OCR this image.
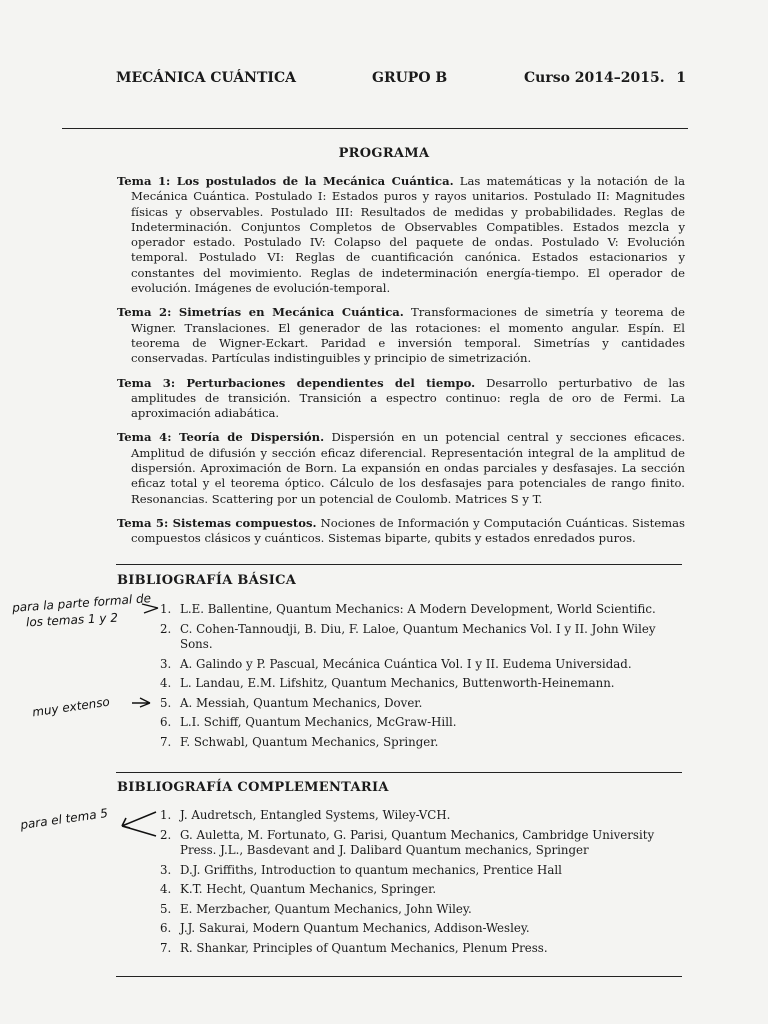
MECÁNICA CUÁNTICA	GRUPO B	Curso 2014–2015. 1
PROGRAMA

Tema 1: Los postulados de la Mecánica Cuántica. Las matemáticas y la notación de la Mecánica Cuántica. Postulado I: Estados puros y rayos unitarios. Postulado II: Magnitudes físicas y observables. Postulado III: Resultados de medidas y probabilidades. Reglas de Indeterminación. Conjuntos Completos de Observables Compatibles. Estados mezcla y operador estado. Postulado IV: Colapso del paquete de ondas. Postulado V: Evolución temporal. Postulado VI: Reglas de cuantificación canónica. Estados estacionarios y constantes del movimiento. Reglas de indeterminación energía-tiempo. El operador de evolución. Imágenes de evolución-temporal.

Tema 2: Simetrías en Mecánica Cuántica. Transformaciones de simetría y teorema de Wigner. Translaciones. El generador de las rotaciones: el momento angular. Espín. El teorema de Wigner-Eckart. Paridad e inversión temporal. Simetrías y cantidades conservadas. Partículas indistinguibles y principio de simetrización.

Tema 3: Perturbaciones dependientes del tiempo. Desarrollo perturbativo de las amplitudes de transición. Transición a espectro continuo: regla de oro de Fermi. La aproximación adiabática.

Tema 4: Teoría de Dispersión. Dispersión en un potencial central y secciones eficaces. Amplitud de difusión y sección eficaz diferencial. Representación integral de la amplitud de dispersión. Aproximación de Born. La expansión en ondas parciales y desfasajes. La sección eficaz total y el teorema óptico. Cálculo de los desfasajes para potenciales de rango finito. Resonancias. Scattering por un potencial de Coulomb. Matrices S y T.

Tema 5: Sistemas compuestos. Nociones de Información y Computación Cuánticas. Sistemas compuestos clásicos y cuánticos. Sistemas biparte, qubits y estados enredados puros.

BIBLIOGRAFÍA BÁSICA
1. L.E. Ballentine, Quantum Mechanics: A Modern Development, World Scientific.
2. C. Cohen-Tannoudji, B. Diu, F. Laloe, Quantum Mechanics Vol. I y II. John Wiley Sons.
3. A. Galindo y P. Pascual, Mecánica Cuántica Vol. I y II. Eudema Universidad.
4. L. Landau, E.M. Lifshitz, Quantum Mechanics, Buttenworth-Heinemann.
5. A. Messiah, Quantum Mechanics, Dover.
6. L.I. Schiff, Quantum Mechanics, McGraw-Hill.
7. F. Schwabl, Quantum Mechanics, Springer.
BIBLIOGRAFÍA COMPLEMENTARIA
1. J. Audretsch, Entangled Systems, Wiley-VCH.
2. G. Auletta, M. Fortunato, G. Parisi, Quantum Mechanics, Cambridge University Press. J.L., Basdevant and J. Dalibard Quantum mechanics, Springer
3. D.J. Griffiths, Introduction to quantum mechanics, Prentice Hall
4. K.T. Hecht, Quantum Mechanics, Springer.
5. E. Merzbacher, Quantum Mechanics, John Wiley.
6. J.J. Sakurai, Modern Quantum Mechanics, Addison-Wesley.
7. R. Shankar, Principles of Quantum Mechanics, Plenum Press.
para la parte formal de
los temas 1 y 2
muy extenso
para el tema 5
